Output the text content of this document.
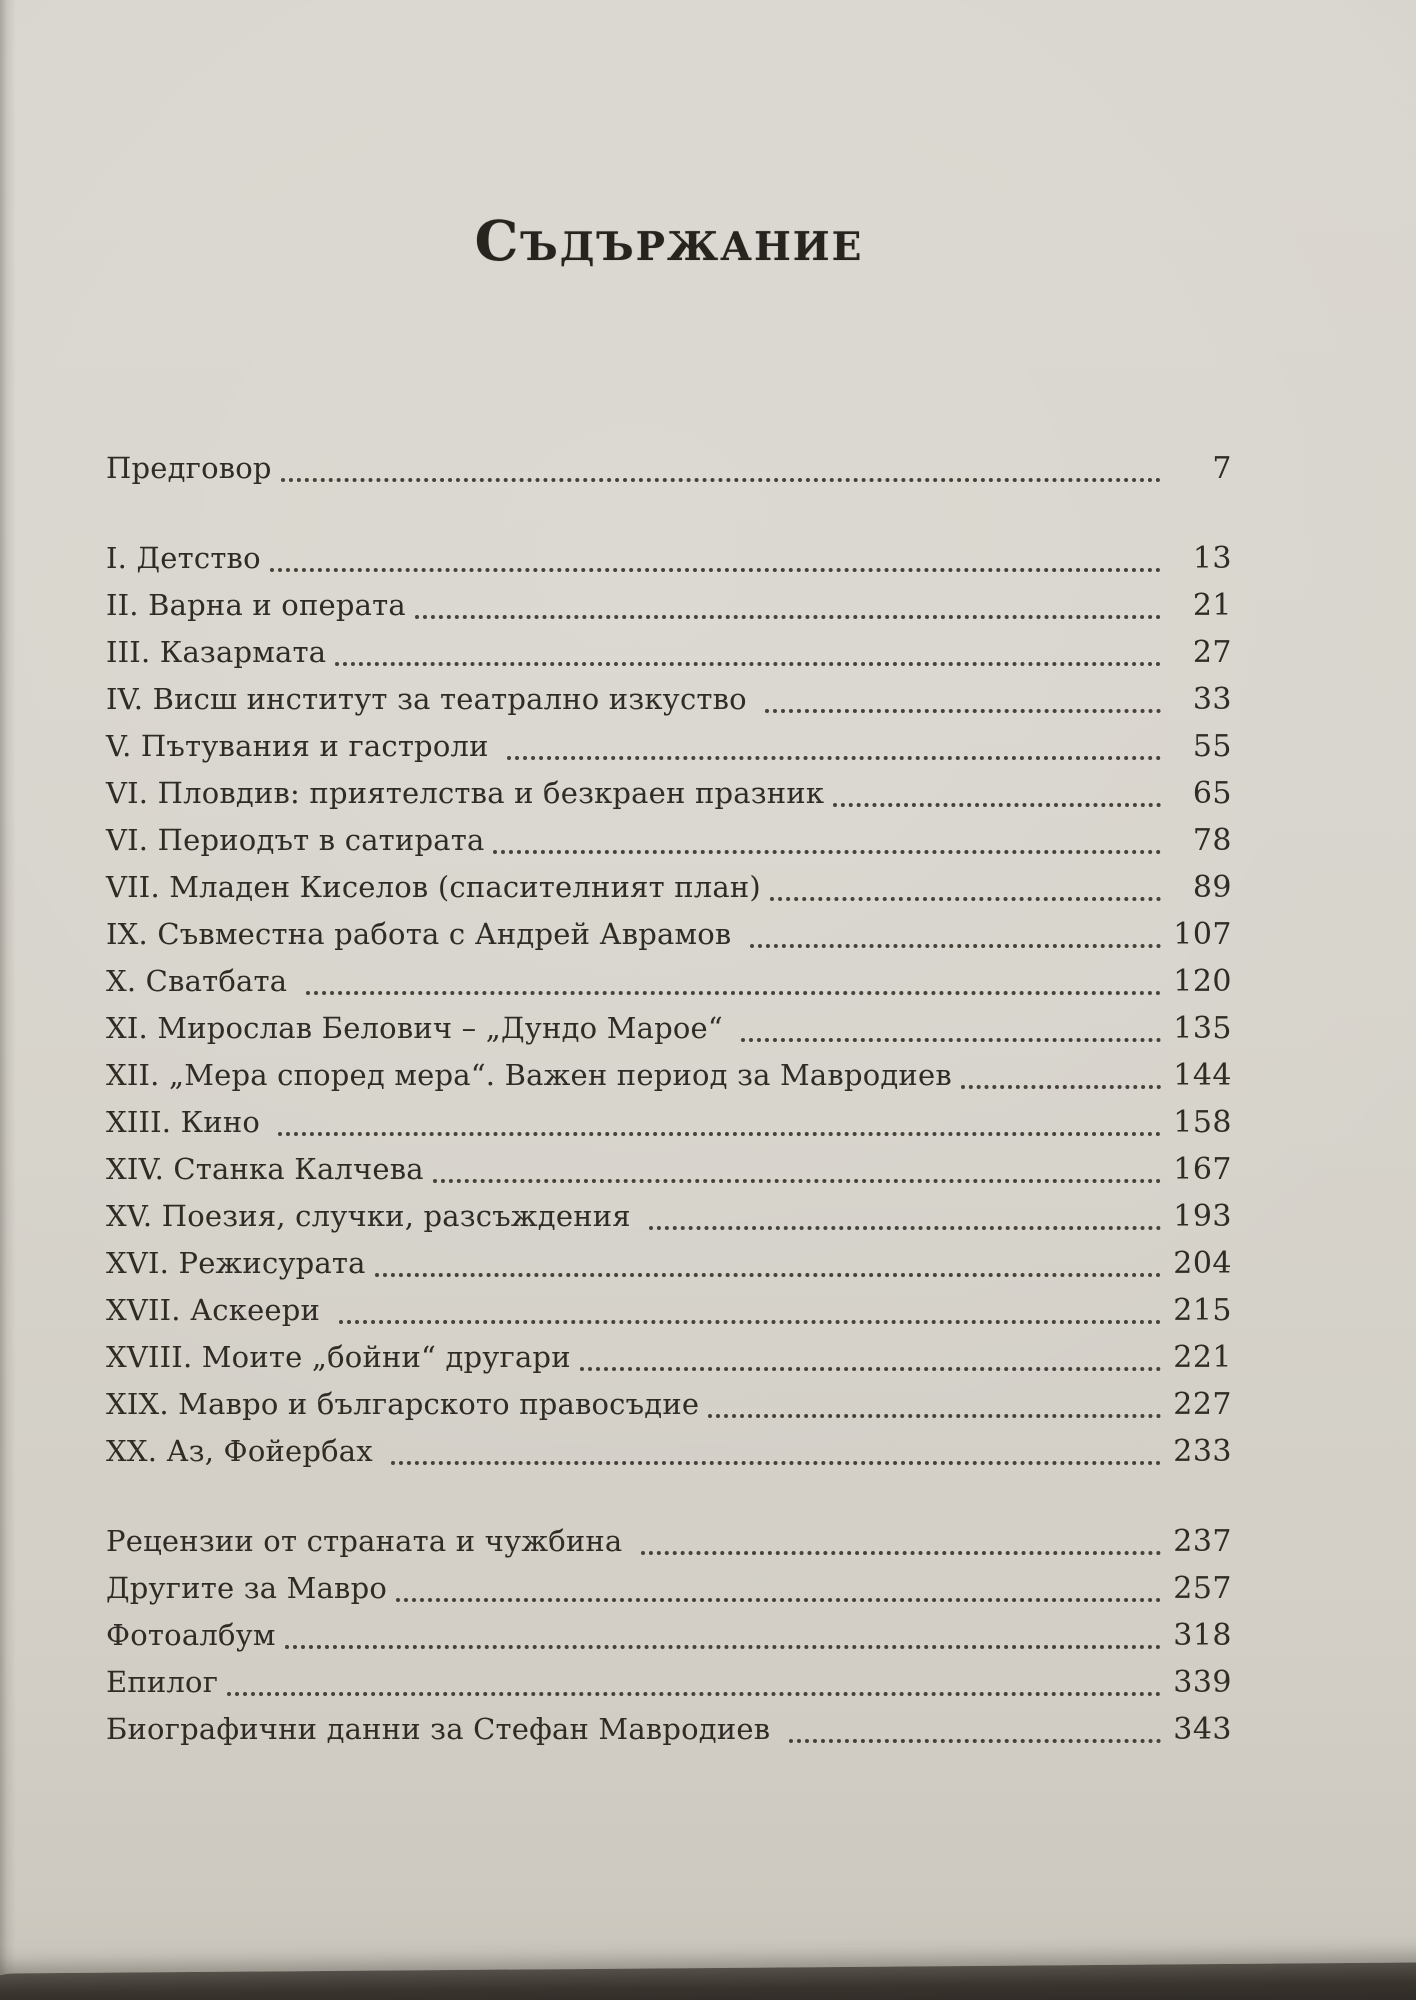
Съдържание
Предговор	7
I. Детство	13
II. Варна и операта	21
III. Казармата	27
IV. Висш институт за театрално изкуство	33
V. Пътувания и гастроли	55
VI. Пловдив: приятелства и безкраен празник	65
VI. Периодът в сатирата	78
VII. Младен Киселов (спасителният план)	89
IX. Съвместна работа с Андрей Аврамов	107
X. Сватбата	120
XI. Мирослав Белович – „Дундо Марое“	135
XII. „Мера според мера“. Важен период за Мавродиев	144
XIII. Кино	158
XIV. Станка Калчева	167
XV. Поезия, случки, разсъждения	193
XVI. Режисурата	204
XVII. Аскеери	215
XVIII. Моите „бойни“ другари	221
XIX. Мавро и българското правосъдие	227
XX. Аз, Фойербах	233
Рецензии от страната и чужбина	237
Другите за Мавро	257
Фотоалбум	318
Епилог	339
Биографични данни за Стефан Мавродиев	343
